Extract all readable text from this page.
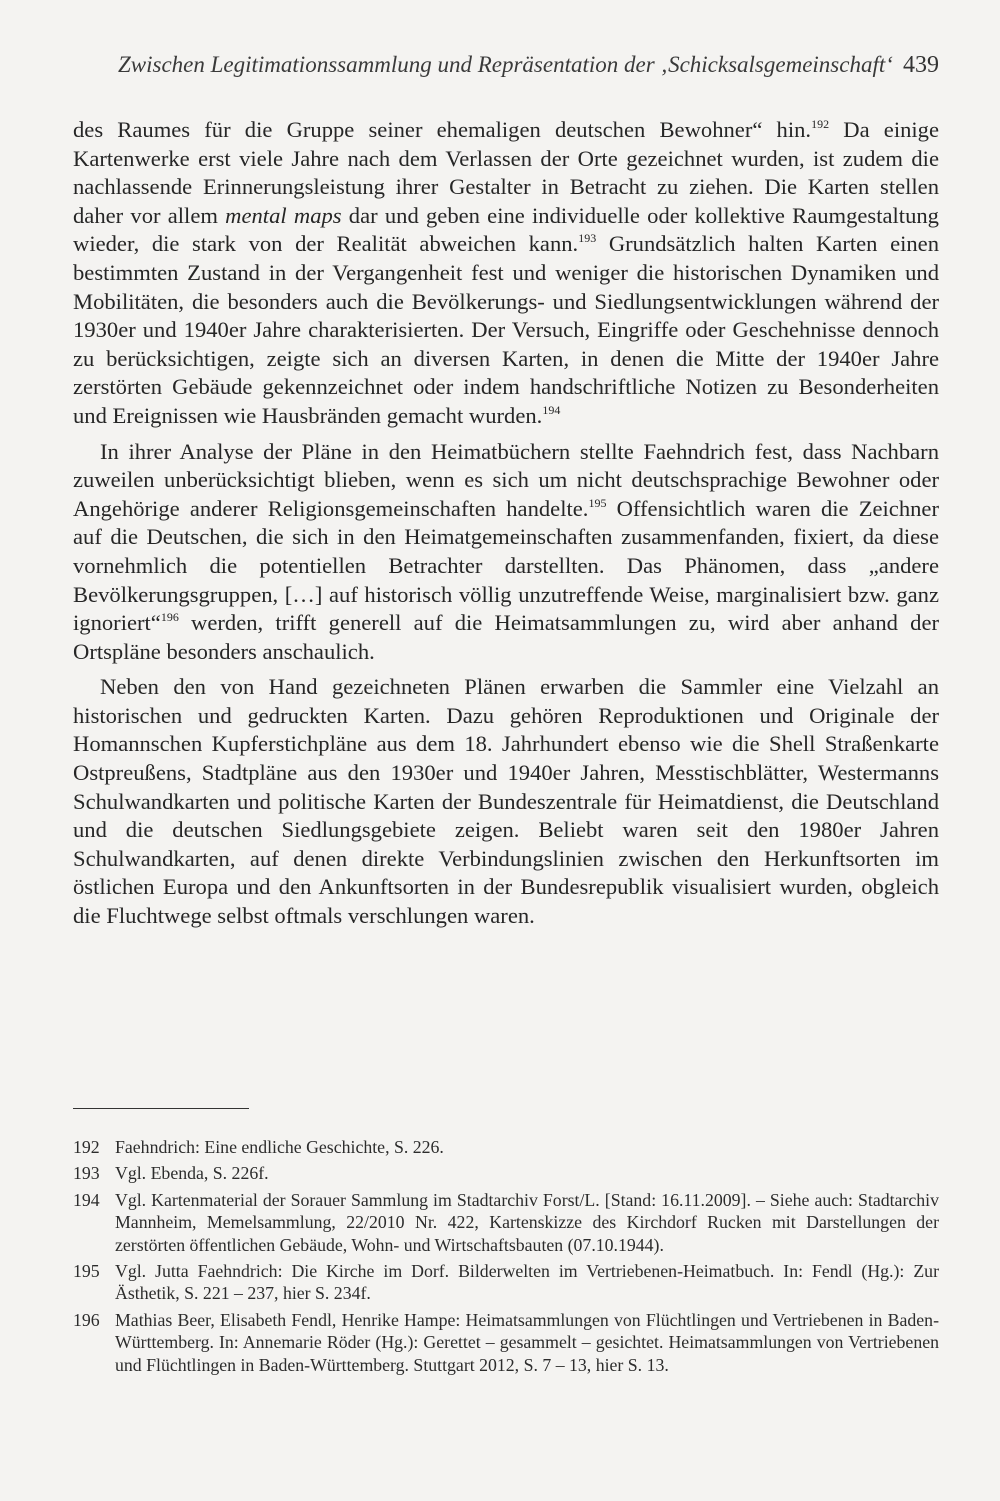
Zwischen Legitimationssammlung und Repräsentation der ‚Schicksalsgemeinschaft‘ 439

des Raumes für die Gruppe seiner ehemaligen deutschen Bewohner“ hin.$^{192}$ Da einige Kartenwerke erst viele Jahre nach dem Verlassen der Orte gezeichnet wurden, ist zudem die nachlassende Erinnerungsleistung ihrer Gestalter in Betracht zu ziehen. Die Karten stellen daher vor allem mental maps dar und geben eine individuelle oder kollektive Raumgestaltung wieder, die stark von der Realität abweichen kann.$^{193}$ Grundsätzlich halten Karten einen bestimmten Zustand in der Vergangenheit fest und weniger die historischen Dynamiken und Mobilitäten, die besonders auch die Bevölkerungs- und Siedlungsentwicklungen während der 1930er und 1940er Jahre charakterisierten. Der Versuch, Eingriffe oder Geschehnisse dennoch zu berücksichtigen, zeigte sich an diversen Karten, in denen die Mitte der 1940er Jahre zerstörten Gebäude gekennzeichnet oder indem handschriftliche Notizen zu Besonderheiten und Ereignissen wie Hausbränden gemacht wurden.$^{194}$

In ihrer Analyse der Pläne in den Heimatbüchern stellte Faehndrich fest, dass Nachbarn zuweilen unberücksichtigt blieben, wenn es sich um nicht deutschsprachige Bewohner oder Angehörige anderer Religionsgemeinschaften handelte.$^{195}$ Offensichtlich waren die Zeichner auf die Deutschen, die sich in den Heimatgemeinschaften zusammenfanden, fixiert, da diese vornehmlich die potentiellen Betrachter darstellten. Das Phänomen, dass „andere Bevölkerungsgruppen, […] auf historisch völlig unzutreffende Weise, marginalisiert bzw. ganz ignoriert“$^{196}$ werden, trifft generell auf die Heimatsammlungen zu, wird aber anhand der Ortspläne besonders anschaulich.

Neben den von Hand gezeichneten Plänen erwarben die Sammler eine Vielzahl an historischen und gedruckten Karten. Dazu gehören Reproduktionen und Originale der Homannschen Kupferstichpläne aus dem 18. Jahrhundert ebenso wie die Shell Straßenkarte Ostpreußens, Stadtpläne aus den 1930er und 1940er Jahren, Messtischblätter, Westermanns Schulwandkarten und politische Karten der Bundeszentrale für Heimatdienst, die Deutschland und die deutschen Siedlungsgebiete zeigen. Beliebt waren seit den 1980er Jahren Schulwandkarten, auf denen direkte Verbindungslinien zwischen den Herkunftsorten im östlichen Europa und den Ankunftsorten in der Bundesrepublik visualisiert wurden, obgleich die Fluchtwege selbst oftmals verschlungen waren.

192 Faehndrich: Eine endliche Geschichte, S. 226.
193 Vgl. Ebenda, S. 226f.
194 Vgl. Kartenmaterial der Sorauer Sammlung im Stadtarchiv Forst/L. [Stand: 16.11.2009]. – Siehe auch: Stadtarchiv Mannheim, Memelsammlung, 22/2010 Nr. 422, Kartenskizze des Kirchdorf Rucken mit Darstellungen der zerstörten öffentlichen Gebäude, Wohn- und Wirtschaftsbauten (07.10.1944).
195 Vgl. Jutta Faehndrich: Die Kirche im Dorf. Bilderwelten im Vertriebenen-Heimatbuch. In: Fendl (Hg.): Zur Ästhetik, S. 221 – 237, hier S. 234f.
196 Mathias Beer, Elisabeth Fendl, Henrike Hampe: Heimatsammlungen von Flüchtlingen und Vertriebenen in Baden-Württemberg. In: Annemarie Röder (Hg.): Gerettet – gesammelt – gesichtet. Heimatsammlungen von Vertriebenen und Flüchtlingen in Baden-Württemberg. Stuttgart 2012, S. 7 – 13, hier S. 13.
